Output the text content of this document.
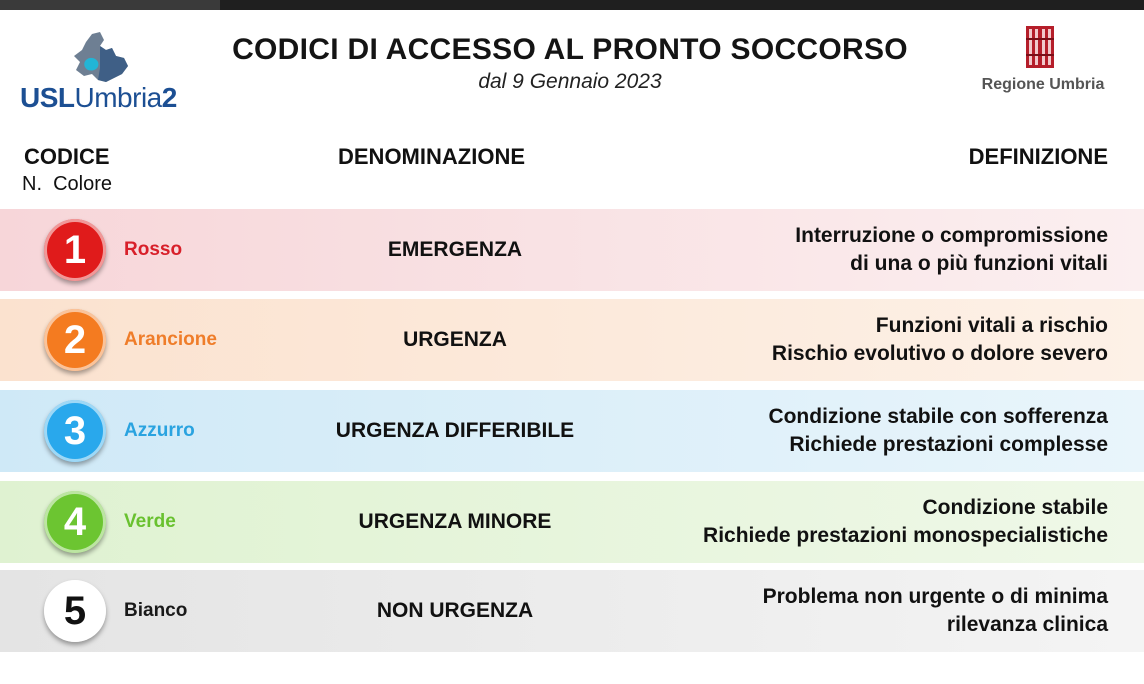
USLUmbria2
CODICI DI ACCESSO AL PRONTO SOCCORSO
dal 9 Gennaio 2023	Regione Umbria
CODICE
N.  Colore
DENOMINAZIONE	DEFINIZIONE
1	Rosso	EMERGENZA
Interruzione o compromissione
di una o più funzioni vitali
2	Arancione	URGENZA
Funzioni vitali a rischio
Rischio evolutivo o dolore severo
3	Azzurro	URGENZA DIFFERIBILE
Condizione stabile con sofferenza
Richiede prestazioni complesse
4	Verde	URGENZA MINORE
Condizione stabile
Richiede prestazioni monospecialistiche
5	Bianco	NON URGENZA
Problema non urgente o di minima
rilevanza clinica
